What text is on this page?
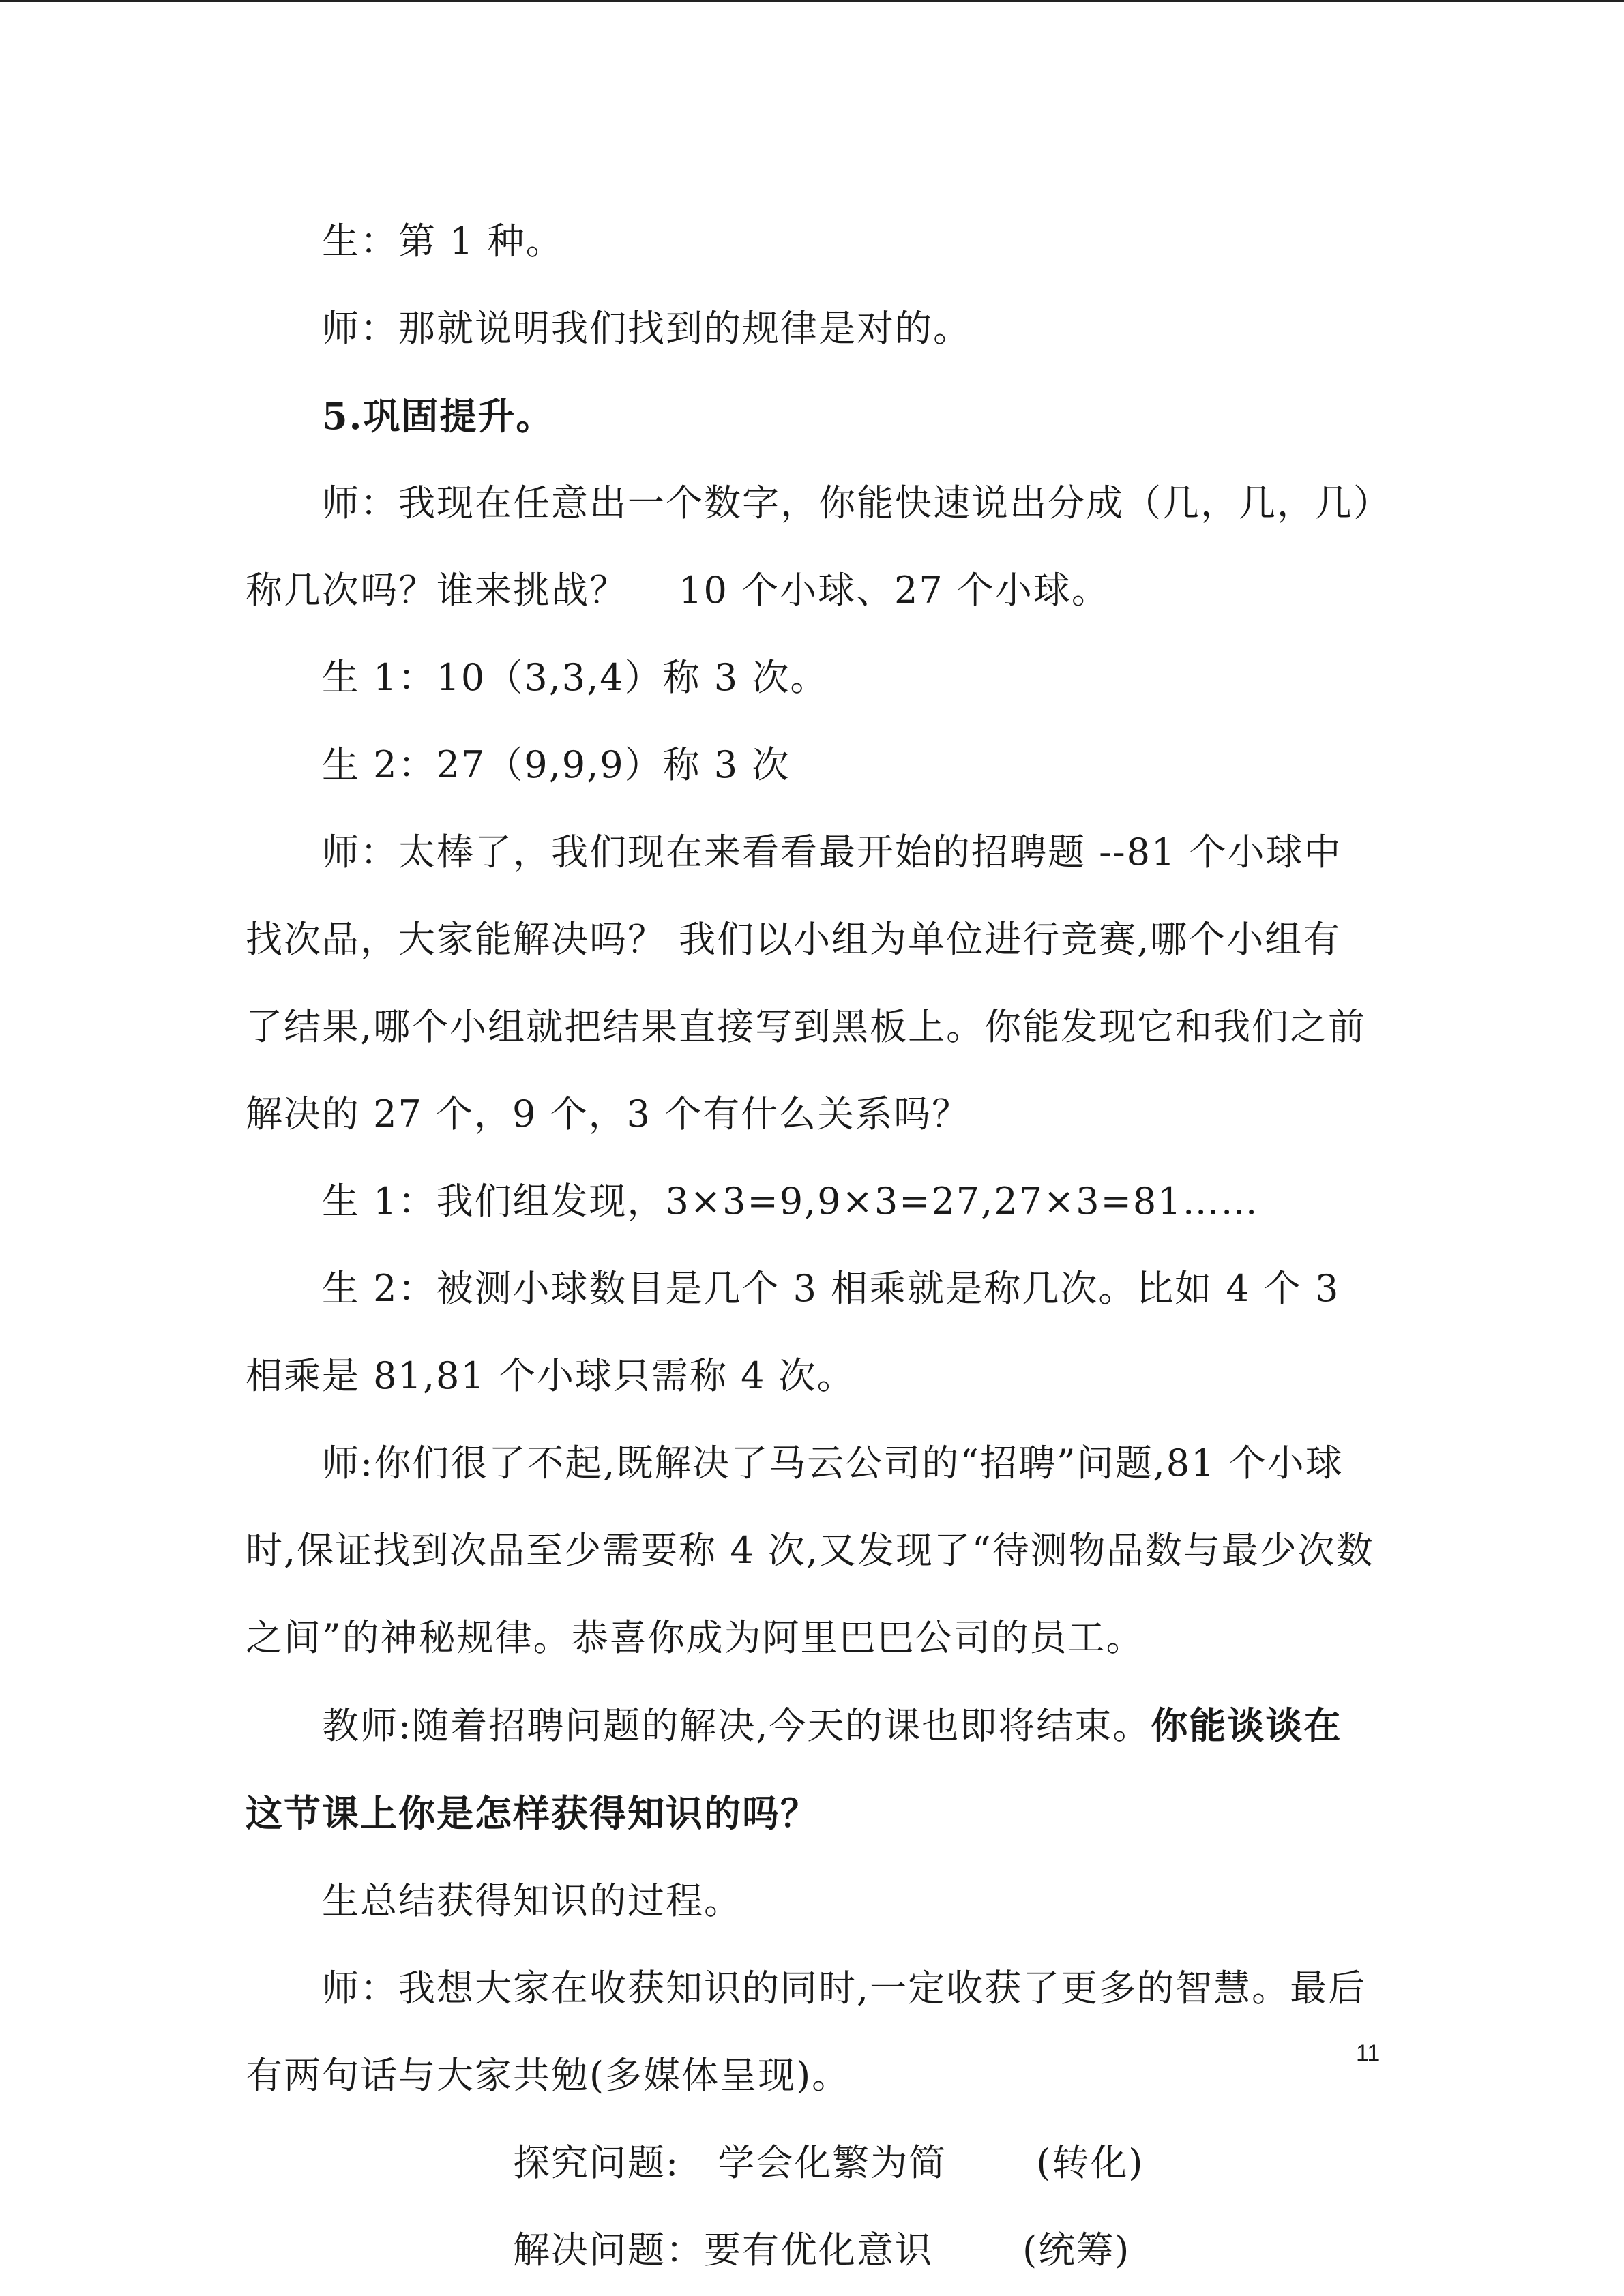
生：第 1 种。

师：那就说明我们找到的规律是对的。

5.巩固提升。

师：我现在任意出一个数字，你能快速说出分成（几，几，几）称几次吗？谁来挑战？　 10 个小球、27 个小球。

生 1：10（3,3,4）称 3 次。

生 2：27（9,9,9）称 3 次

师：太棒了，我们现在来看看最开始的招聘题 --81 个小球中找次品，大家能解决吗？ 我们以小组为单位进行竞赛,哪个小组有了结果,哪个小组就把结果直接写到黑板上。你能发现它和我们之前解决的 27 个，9 个，3 个有什么关系吗？

生 1：我们组发现，3×3=9,9×3=27,27×3=81……

生 2：被测小球数目是几个 3 相乘就是称几次。比如 4 个 3 相乘是 81,81 个小球只需称 4 次。

师:你们很了不起,既解决了马云公司的“招聘”问题,81 个小球时,保证找到次品至少需要称 4 次,又发现了“待测物品数与最少次数之间”的神秘规律。恭喜你成为阿里巴巴公司的员工。

教师:随着招聘问题的解决,今天的课也即将结束。你能谈谈在这节课上你是怎样获得知识的吗？

生总结获得知识的过程。

师：我想大家在收获知识的同时,一定收获了更多的智慧。最后有两句话与大家共勉(多媒体呈现)。

探究问题:　学会化繁为简　　 (转化)

解决问题：要有优化意识　　 (统筹)

11
